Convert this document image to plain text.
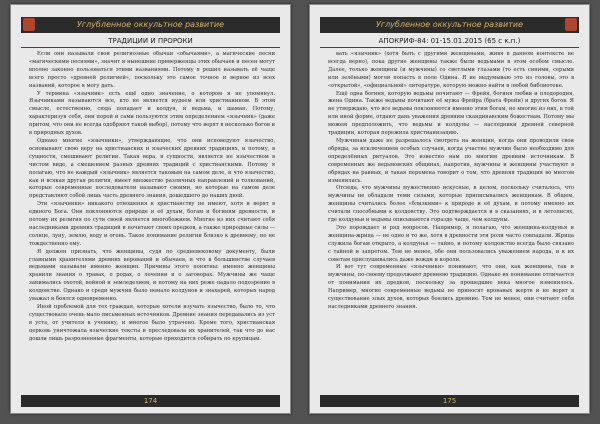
Углубленное оккультное развитие
ТРАДИЦИИ И ПРОРОКИ

Если они называли свои религиозные обычаи «обычаями», а магические песни «магическими песнями», значит и нынешние приверженцы этих обычаев и песен могут вполне законно пользоваться этими названиями. Потому я решил называть её чаще всего просто «древней религией», поскольку это самое точное и верное из всех названий, которое я могу дать.

У термина «язычник» есть ещё одно значение, о котором я не упомянул. Язычниками называются все, кто не является иудеем или христианином. В этом смысле, естественно, сюда попадает и колдун, и ведьма, и шаман. Потому, характеризуя себя, они порой и сами пользуются этим определением «язычник» (даже притом, что они не всегда одобряют такой выбор), потому что верят в несколько богов и в природных духов.

Однако многие «язычники», утверждающие, что они исповедуют язычество, основывают свою веру на христианских и языческих древних традициях, и потому, в сущности, смешивают религии. Такая вера, в сущности, является не язычеством в чистом виде, а смешением разных древних традиций с христианскими. Потому я полагаю, что не каждый «язычник» является таковым на самом деле, и что язычество, как и всякая другая религия, имеет множество различных направлений и толкований, которые современные последователи называют своими, но которые на самом деле представляют собой лишь часть древнего знания, дошедшего до наших дней.

Эти «язычники» никакого отношения к христианству не имеют, хотя и верят в единого Бога. Они поклоняются природе и её духам, богам и богиням древности, и потому их религия по сути своей является многобожием. Многие из них считают себя наследниками древних традиций и почитают своих предков, а также природные силы — солнце, луну, землю, воду и огонь. Такое понимание религии близко к древнему, но не тождественно ему.

Я должен признать, что женщины, судя по средневековому документу, были главными хранителями древних верований и обычаев, и что в большинстве случаев ведьмами называли именно женщин. Причины этого понятны: именно женщины хранили знания о травах, о родах, о лечении и о заговорах. Мужчины же чаще занимались охотой, войной и земледелием, и потому на них реже падало подозрение в колдовстве. Однако и среди мужчин было немало колдунов и знахарей, которых народ уважал и боялся одновременно.

Иной проблемой для тех граждан, которые хотели изучать язычество, было то, что существовало очень мало письменных источников. Древние знания передавались из уст в уста, от учителя к ученику, и многое было утрачено. Кроме того, христианская церковь уничтожала языческие тексты и преследовала их хранителей, так что до нас дошли лишь разрозненные фрагменты, которые приходится собирать по крупицам.

174
Углубленное оккультное развитие
АПОКРИФ-84: 01-15.01.2015 (65 с к.п.)

вать «язычник» (хотя быть с другими женщинами, живя в данном контексте не всегда верно), пока другие женщины также были ведьмами в этом особом смысле. Далее, только женщины (и мужчины) со светлыми глазами (то есть синими, серыми или зелёными) могли попасть в поле Одина. Я не выдумываю это из головы, это в «открытой», «официальной» литературе, которую можно найти в любой библиотеке.

Ещё одна богиня, которую ведьмы почитают — Фрейя, богиня любви и плодородия, жена Одина. Также ведьмы почитают её мужа Фрейра (брата Фрейи) и других богов. Я не утверждаю, что все ведьмы поклоняются именно этим богам, но многие из них, в той или иной форме, отдают дань уважения древним скандинавским божествам. Потому мы можем предположить, что ведьмы и колдуны — наследники древней северной традиции, которая пережила христианизацию.

Мужчинам даже не разрешалось смотреть на женщин, когда они проводили свои обряды, за исключением особых случаев, когда участие мужчин было необходимо для определённых ритуалов. Это известно нам по многим древним источникам. В современных же ведьмовских общинах, напротив, мужчины и женщины участвуют в обрядах на равных, и такая перемена говорит о том, что древняя традиция во многом изменилась.

Отсюда, что мужчины мужественно искусные, в целом, поскольку считалось, что мужчины не обладали теми силами, которые приписывались женщинам. В общем, женщины считались более «близкими» к природе и её духам, и потому именно их считали способными к колдовству. Это подтверждается и в сказаниях, и в летописях, где колдуньи и ведьмы описываются гораздо чаще, чем колдуны.

Это порождает и ряд вопросов. Например, я полагаю, что женщина-колдунья и женщина-жрица — не одно и то же, хотя в древности эти роли часто совпадали. Жрица служила богам открыто, а колдунья — тайно, и потому колдовство всегда было связано с тайной и запретом. Тем не менее, обе они пользовались уважением народа, и к их советам прислушивались даже вожди и короли.

И вот тут современные «язычники» понимают, что они, как женщины, так и мужчины, по-своему продолжают древнюю традицию. Однако их понимание отличается от понимания их предков, поскольку за прошедшие века многое изменилось. Например, многие современные ведьмы не приносят кровавых жертв и не верят в существование злых духов, которых боялись древние. Тем не менее, они считают себя наследниками древнего знания.

175
